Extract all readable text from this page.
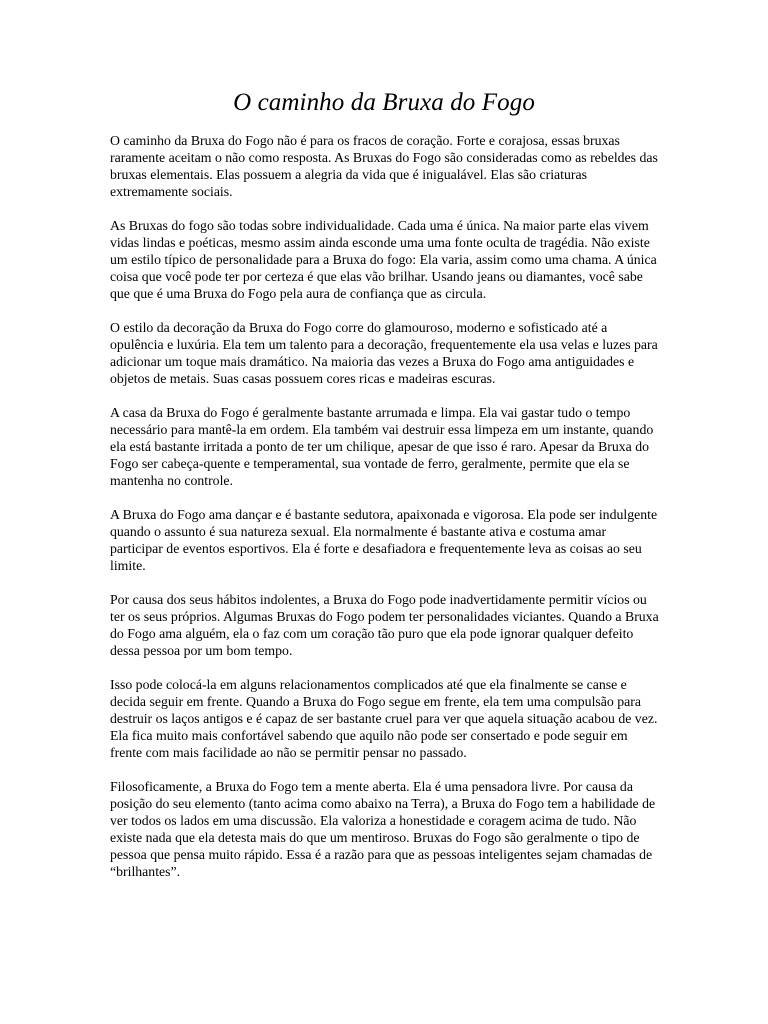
O caminho da Bruxa do Fogo

O caminho da Bruxa do Fogo não é para os fracos de coração. Forte e corajosa, essas bruxas raramente aceitam o não como resposta. As Bruxas do Fogo são consideradas como as rebeldes das bruxas elementais. Elas possuem a alegria da vida que é inigualável. Elas são criaturas extremamente sociais.

As Bruxas do fogo são todas sobre individualidade. Cada uma é única. Na maior parte elas vivem vidas lindas e poéticas, mesmo assim ainda esconde uma uma fonte oculta de tragédia. Não existe um estilo típico de personalidade para a Bruxa do fogo: Ela varia, assim como uma chama. A única coisa que você pode ter por certeza é que elas vão brilhar. Usando jeans ou diamantes, você sabe que que é uma Bruxa do Fogo pela aura de confiança que as circula.

O estilo da decoração da Bruxa do Fogo corre do glamouroso, moderno e sofisticado até a opulência e luxúria. Ela tem um talento para a decoração, frequentemente ela usa velas e luzes para adicionar um toque mais dramático. Na maioria das vezes a Bruxa do Fogo ama antiguidades e objetos de metais. Suas casas possuem cores ricas e madeiras escuras.

A casa da Bruxa do Fogo é geralmente bastante arrumada e limpa. Ela vai gastar tudo o tempo necessário para mantê-la em ordem. Ela também vai destruir essa limpeza em um instante, quando ela está bastante irritada a ponto de ter um chilique, apesar de que isso é raro. Apesar da Bruxa do Fogo ser cabeça-quente e temperamental, sua vontade de ferro, geralmente, permite que ela se mantenha no controle.

A Bruxa do Fogo ama dançar e é bastante sedutora, apaixonada e vigorosa. Ela pode ser indulgente quando o assunto é sua natureza sexual. Ela normalmente é bastante ativa e costuma amar participar de eventos esportivos. Ela é forte e desafiadora e frequentemente leva as coisas ao seu limite.

Por causa dos seus hábitos indolentes, a Bruxa do Fogo pode inadvertidamente permitir vícios ou ter os seus próprios. Algumas Bruxas do Fogo podem ter personalidades viciantes. Quando a Bruxa do Fogo ama alguém, ela o faz com um coração tão puro que ela pode ignorar qualquer defeito dessa pessoa por um bom tempo.

Isso pode colocá-la em alguns relacionamentos complicados até que ela finalmente se canse e decida seguir em frente. Quando a Bruxa do Fogo segue em frente, ela tem uma compulsão para destruir os laços antigos e é capaz de ser bastante cruel para ver que aquela situação acabou de vez. Ela fica muito mais confortável sabendo que aquilo não pode ser consertado e pode seguir em frente com mais facilidade ao não se permitir pensar no passado.

Filosoficamente, a Bruxa do Fogo tem a mente aberta. Ela é uma pensadora livre. Por causa da posição do seu elemento (tanto acima como abaixo na Terra), a Bruxa do Fogo tem a habilidade de ver todos os lados em uma discussão. Ela valoriza a honestidade e coragem acima de tudo. Não existe nada que ela detesta mais do que um mentiroso. Bruxas do Fogo são geralmente o tipo de pessoa que pensa muito rápido. Essa é a razão para que as pessoas inteligentes sejam chamadas de “brilhantes”.
